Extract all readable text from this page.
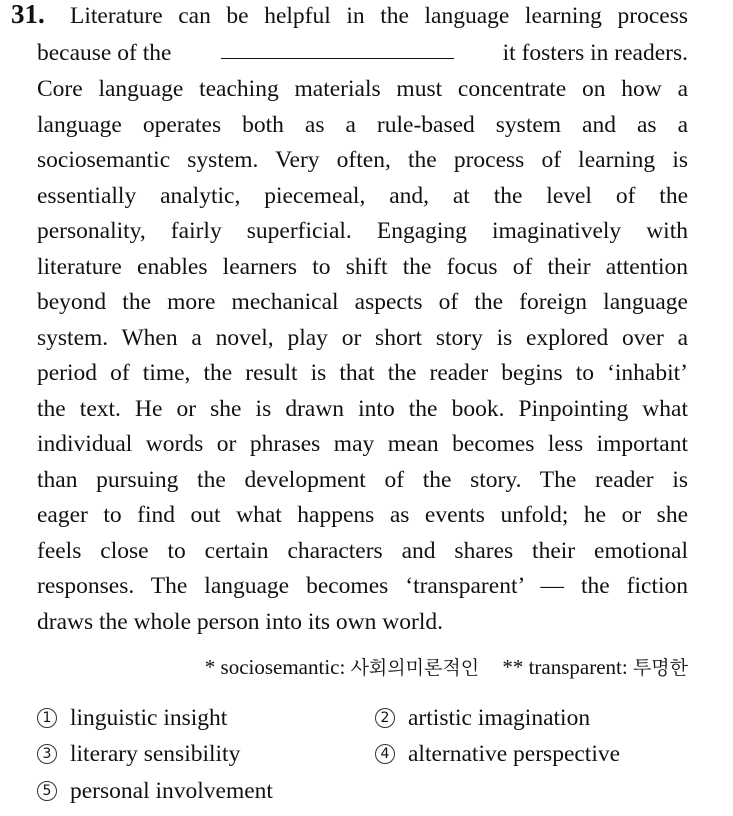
31. Literature can be helpful in the language learning process
because of the	it fosters in readers.
Core language teaching materials must concentrate on how a
language operates both as a rule-based system and as a
sociosemantic system. Very often, the process of learning is
essentially analytic, piecemeal, and, at the level of the
personality, fairly superficial. Engaging imaginatively with
literature enables learners to shift the focus of their attention
beyond the more mechanical aspects of the foreign language
system. When a novel, play or short story is explored over a
period of time, the result is that the reader begins to ‘inhabit’
the text. He or she is drawn into the book. Pinpointing what
individual words or phrases may mean becomes less important
than pursuing the development of the story. The reader is
eager to find out what happens as events unfold; he or she
feels close to certain characters and shares their emotional
responses. The language becomes ‘transparent’ — the fiction
draws the whole person into its own world.
* sociosemantic: 사회의미론적인 ** transparent: 투명한
1 linguistic insight	2 artistic imagination
3 literary sensibility	4 alternative perspective
5 personal involvement
